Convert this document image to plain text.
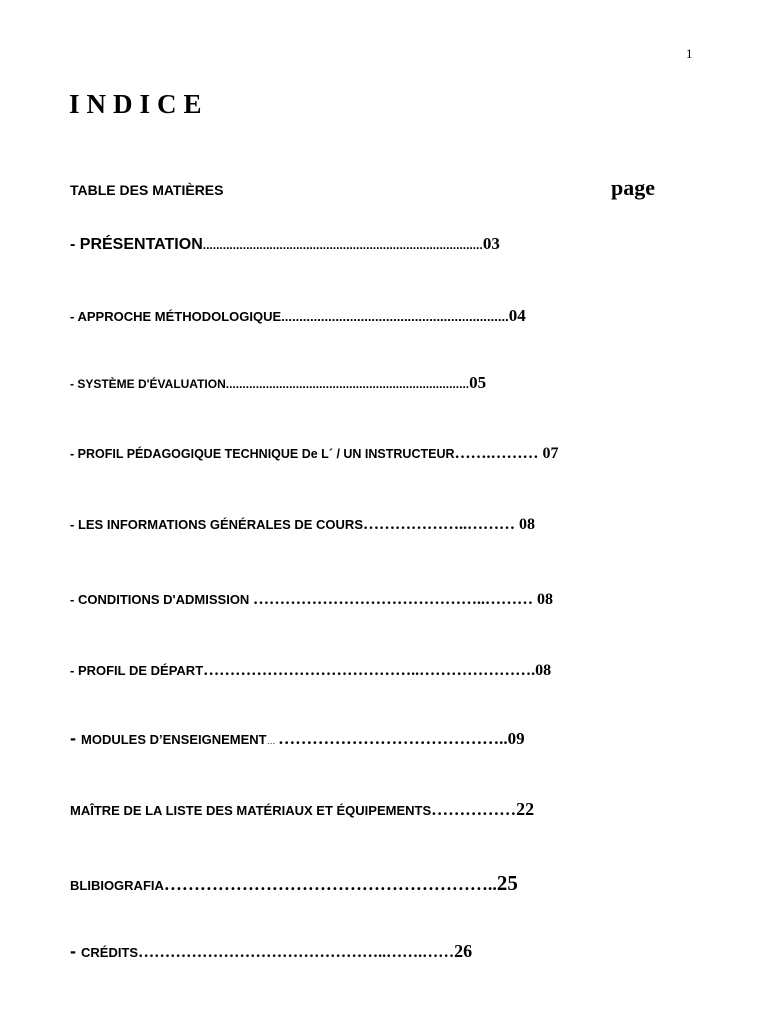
1
INDICE
TABLE DES MATIÈRES	page
- PRÉSENTATION....................................................................................03
- APPROCHE MÉTHODOLOGIQUE...............................................................04
- SYSTÈME D'ÉVALUATION.........................................................................05
- PROFIL PÉDAGOGIQUE TECHNIQUE De L´ / UN INSTRUCTEUR…….……… 07
- LES INFORMATIONS GÉNÉRALES DE COURS………………..……… 08
- CONDITIONS D'ADMISSION ……………………………………..……… 08
- PROFIL DE DÉPART…………………………………..………………….08
- MODULES D’ENSEIGNEMENT… …………………………………..09
MAÎTRE DE LA LISTE DES MATÉRIAUX ET ÉQUIPEMENTS……………22
BLIBIOGRAFIA………………………………………………..25
- CRÉDITS………………………………………..…….……26
